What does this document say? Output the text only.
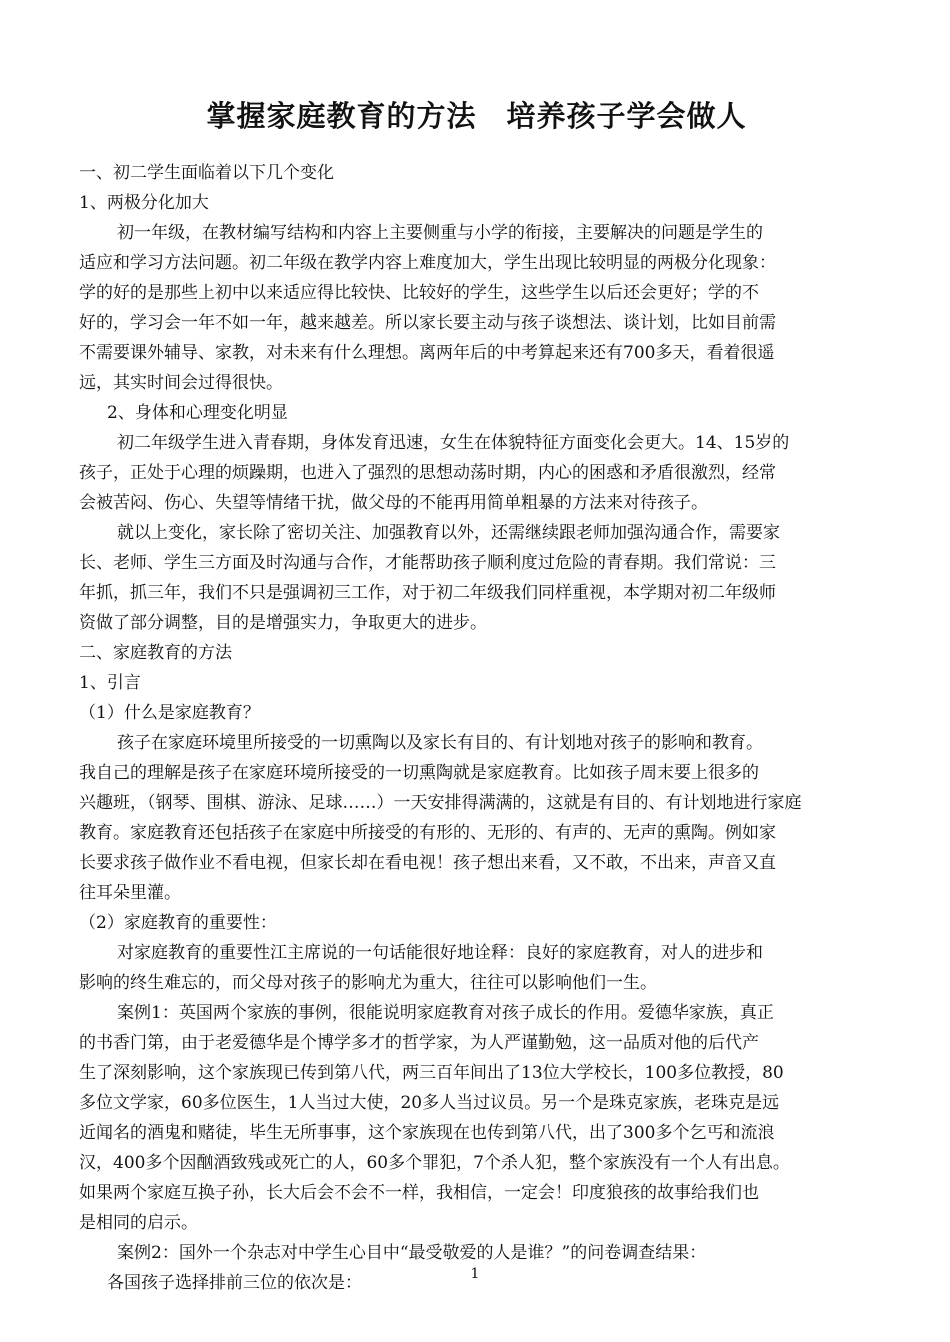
掌握家庭教育的方法　培养孩子学会做人

一、初二学生面临着以下几个变化

1、两极分化加大

初一年级，在教材编写结构和内容上主要侧重与小学的衔接，主要解决的问题是学生的

适应和学习方法问题。初二年级在教学内容上难度加大，学生出现比较明显的两极分化现象：

学的好的是那些上初中以来适应得比较快、比较好的学生，这些学生以后还会更好；学的不

好的，学习会一年不如一年，越来越差。所以家长要主动与孩子谈想法、谈计划，比如目前需

不需要课外辅导、家教，对未来有什么理想。离两年后的中考算起来还有700多天，看着很遥

远，其实时间会过得很快。

2、身体和心理变化明显

初二年级学生进入青春期，身体发育迅速，女生在体貌特征方面变化会更大。14、15岁的

孩子，正处于心理的烦躁期，也进入了强烈的思想动荡时期，内心的困惑和矛盾很激烈，经常

会被苦闷、伤心、失望等情绪干扰，做父母的不能再用简单粗暴的方法来对待孩子。

就以上变化，家长除了密切关注、加强教育以外，还需继续跟老师加强沟通合作，需要家

长、老师、学生三方面及时沟通与合作，才能帮助孩子顺利度过危险的青春期。我们常说：三

年抓，抓三年，我们不只是强调初三工作，对于初二年级我们同样重视，本学期对初二年级师

资做了部分调整，目的是增强实力，争取更大的进步。

二、家庭教育的方法

1、引言

（1）什么是家庭教育？

孩子在家庭环境里所接受的一切熏陶以及家长有目的、有计划地对孩子的影响和教育。

我自己的理解是孩子在家庭环境所接受的一切熏陶就是家庭教育。比如孩子周末要上很多的

兴趣班，（钢琴、围棋、游泳、足球……）一天安排得满满的，这就是有目的、有计划地进行家庭

教育。家庭教育还包括孩子在家庭中所接受的有形的、无形的、有声的、无声的熏陶。例如家

长要求孩子做作业不看电视，但家长却在看电视！孩子想出来看，又不敢，不出来，声音又直

往耳朵里灌。

（2）家庭教育的重要性：

对家庭教育的重要性江主席说的一句话能很好地诠释：良好的家庭教育，对人的进步和

影响的终生难忘的，而父母对孩子的影响尤为重大，往往可以影响他们一生。

案例1：英国两个家族的事例，很能说明家庭教育对孩子成长的作用。爱德华家族，真正

的书香门第，由于老爱德华是个博学多才的哲学家，为人严谨勤勉，这一品质对他的后代产

生了深刻影响，这个家族现已传到第八代，两三百年间出了13位大学校长，100多位教授，80

多位文学家，60多位医生，1人当过大使，20多人当过议员。另一个是珠克家族，老珠克是远

近闻名的酒鬼和赌徒，毕生无所事事，这个家族现在也传到第八代，出了300多个乞丐和流浪

汉，400多个因酗酒致残或死亡的人，60多个罪犯，7个杀人犯，整个家族没有一个人有出息。

如果两个家庭互换子孙，长大后会不会不一样，我相信，一定会！印度狼孩的故事给我们也

是相同的启示。

案例2：国外一个杂志对中学生心目中“最受敬爱的人是谁？”的问卷调查结果：

各国孩子选择排前三位的依次是：	1
